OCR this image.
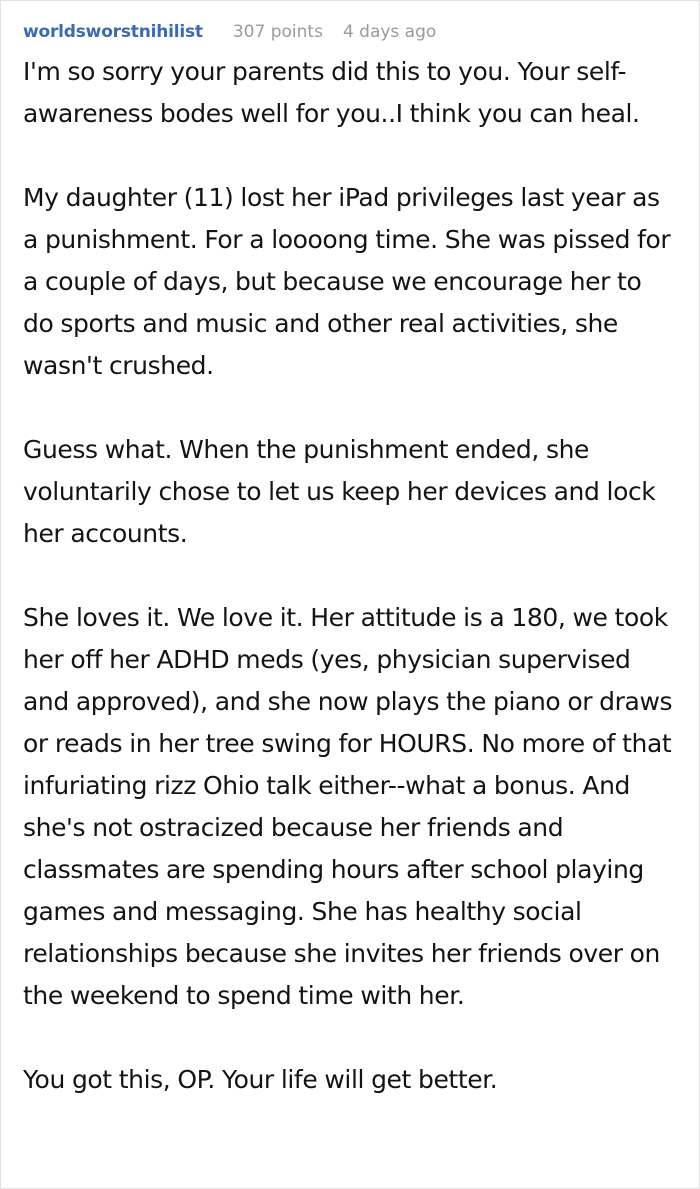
worldsworstnihilist 307 points 4 days ago

I'm so sorry your parents did this to you. Your self-awareness bodes well for you..I think you can heal.

My daughter (11) lost her iPad privileges last year as a punishment. For a loooong time. She was pissed for a couple of days, but because we encourage her to do sports and music and other real activities, she wasn't crushed.

Guess what. When the punishment ended, she voluntarily chose to let us keep her devices and lock her accounts.

She loves it. We love it. Her attitude is a 180, we took her off her ADHD meds (yes, physician supervised and approved), and she now plays the piano or draws or reads in her tree swing for HOURS. No more of that infuriating rizz Ohio talk either--what a bonus. And she's not ostracized because her friends and classmates are spending hours after school playing games and messaging. She has healthy social relationships because she invites her friends over on the weekend to spend time with her.

You got this, OP. Your life will get better.
